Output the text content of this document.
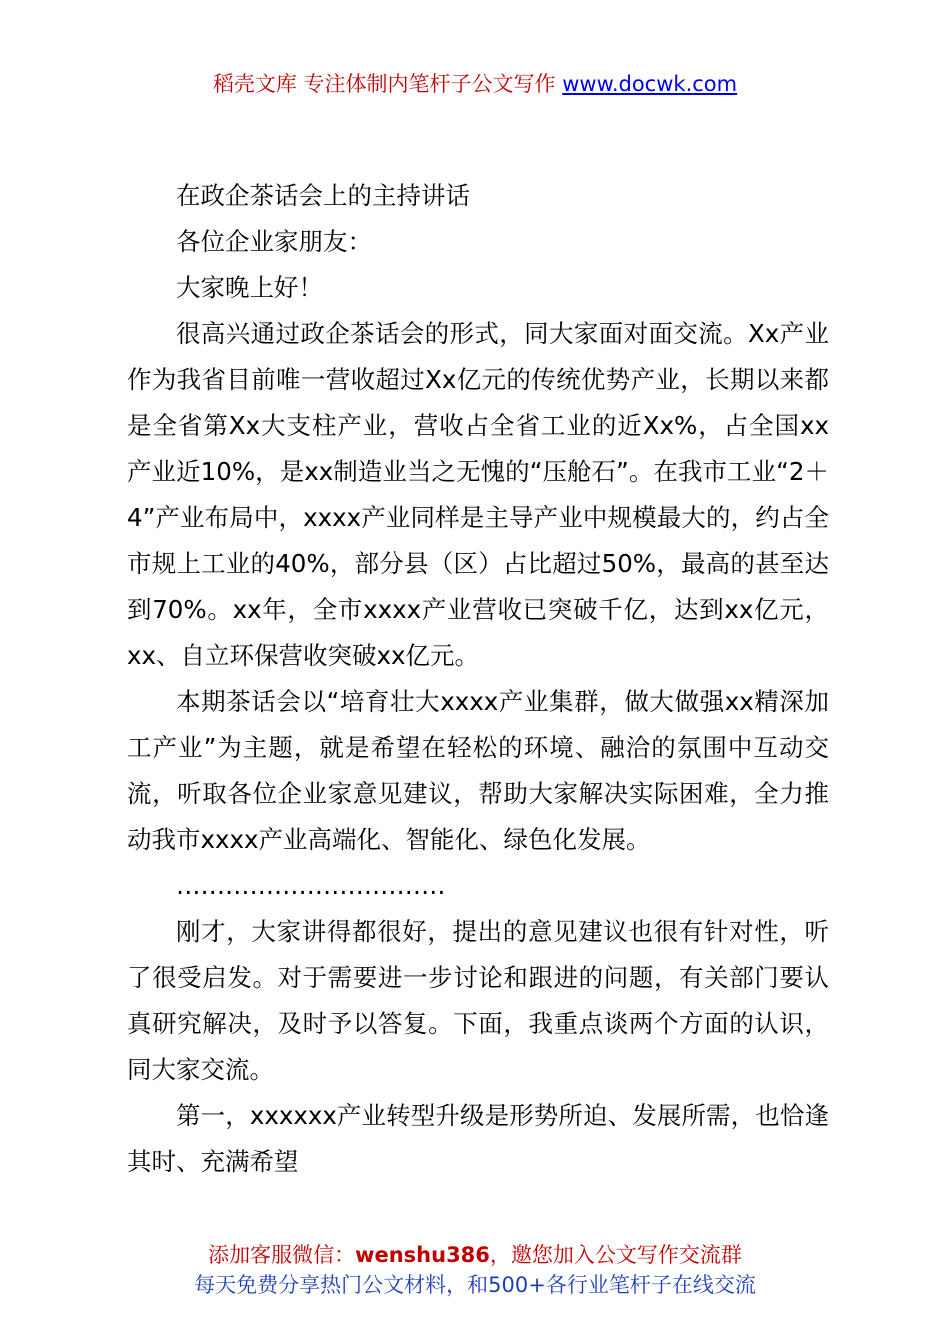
稻壳文库 专注体制内笔杆子公文写作 www.docwk.com

在政企茶话会上的主持讲话

各位企业家朋友：

大家晚上好！

很高兴通过政企茶话会的形式，同大家面对面交流。Xx产业作为我省目前唯一营收超过Xx亿元的传统优势产业，长期以来都是全省第Xx大支柱产业，营收占全省工业的近Xx%，占全国xx产业近10%，是xx制造业当之无愧的“压舱石”。在我市工业“2＋4”产业布局中，xxxx产业同样是主导产业中规模最大的，约占全市规上工业的40%，部分县（区）占比超过50%，最高的甚至达到70%。xx年，全市xxxx产业营收已突破千亿，达到xx亿元，xx、自立环保营收突破xx亿元。

本期茶话会以“培育壮大xxxx产业集群，做大做强xx精深加工产业”为主题，就是希望在轻松的环境、融洽的氛围中互动交流，听取各位企业家意见建议，帮助大家解决实际困难，全力推动我市xxxx产业高端化、智能化、绿色化发展。

……………………………

刚才，大家讲得都很好，提出的意见建议也很有针对性，听了很受启发。对于需要进一步讨论和跟进的问题，有关部门要认真研究解决，及时予以答复。下面，我重点谈两个方面的认识，同大家交流。

第一，xxxxxx产业转型升级是形势所迫、发展所需，也恰逢其时、充满希望

添加客服微信：wenshu386，邀您加入公文写作交流群
每天免费分享热门公文材料，和500+各行业笔杆子在线交流
